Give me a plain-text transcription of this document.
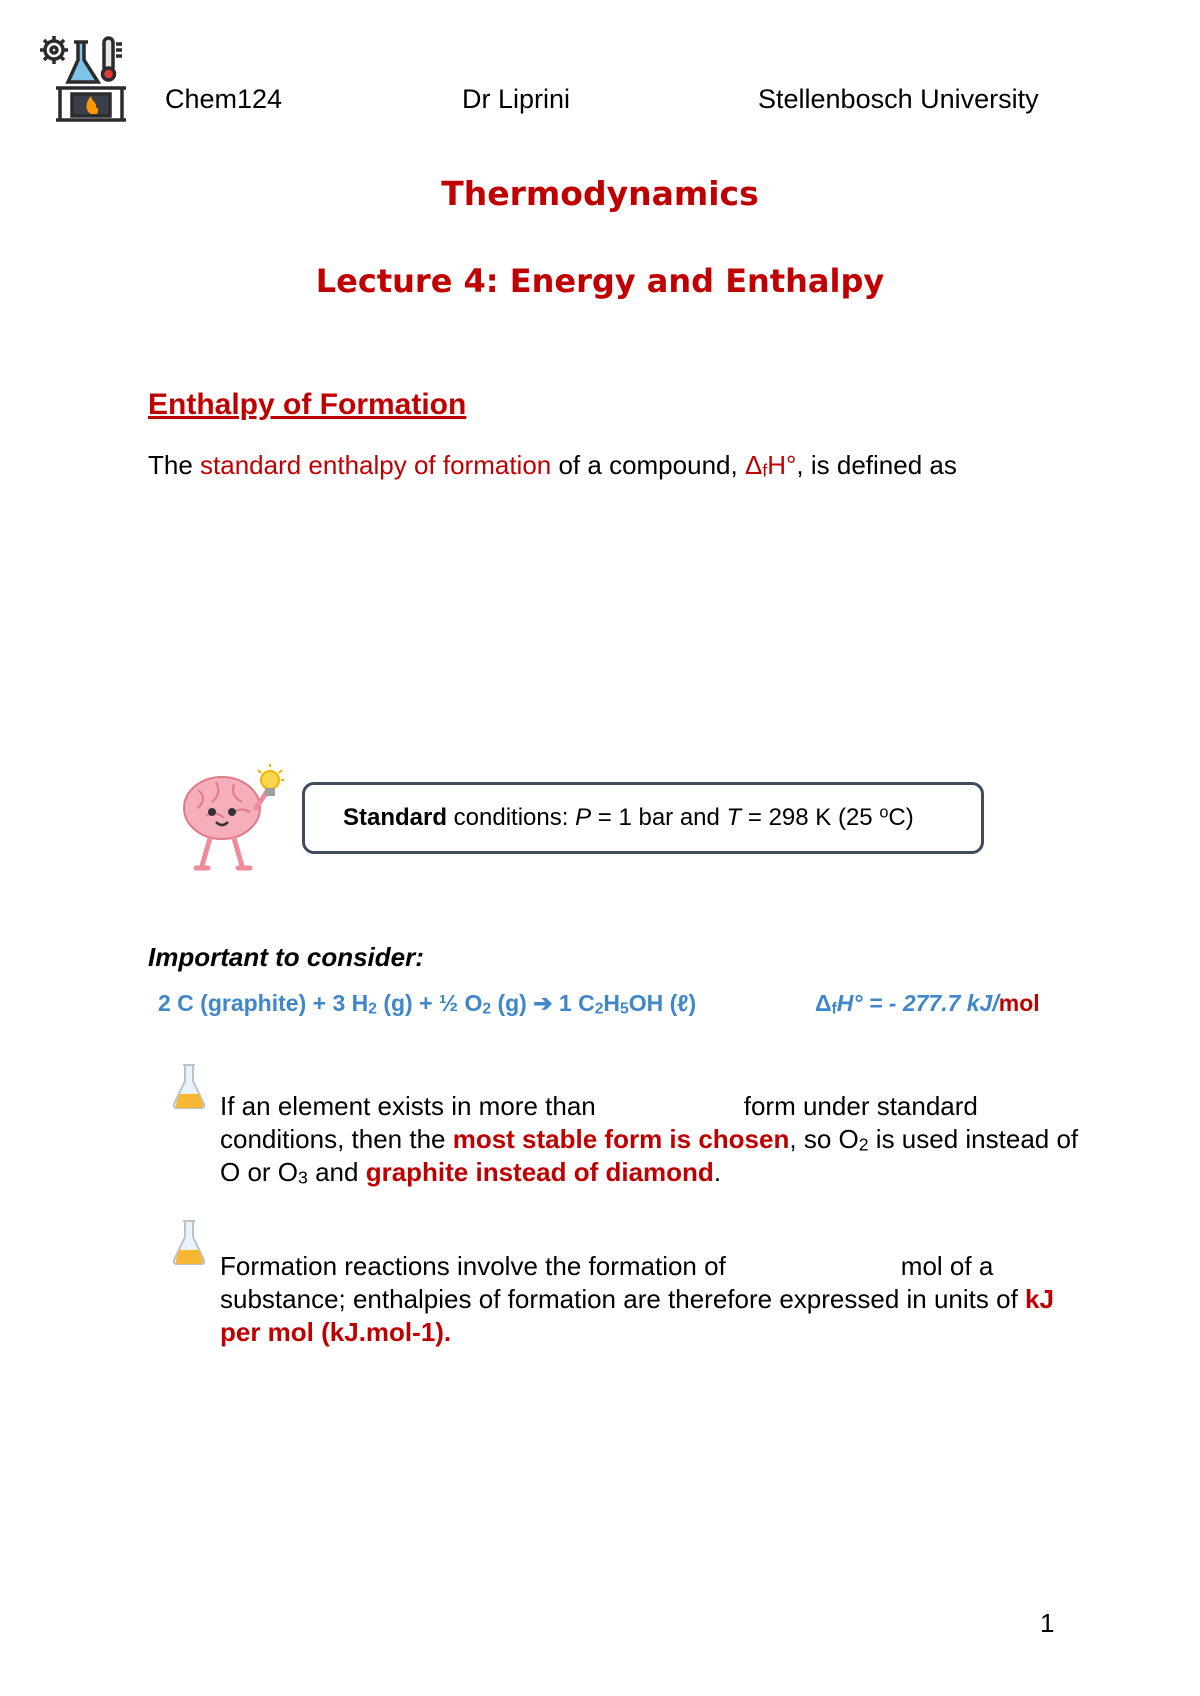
Chem124	Dr Liprini	Stellenbosch University
Thermodynamics
Lecture 4: Energy and Enthalpy
Enthalpy of Formation
The standard enthalpy of formation of a compound, $\Delta_fH^\circ$, is defined as
Standard conditions: P = 1 bar and T = 298 K (25 $^o$C)
Important to consider:
2 C (graphite) + 3 $H_2$ (g) + ½ $O_2$ (g) ➔ 1 $C_2H_5OH$ (ℓ)	$\Delta_fH^\circ$ = - 277.7 kJ/mol
If an element exists in more than	form under standard conditions, then the most stable form is chosen, so $O_2$ is used instead of O or $O_3$ and graphite instead of diamond.
Formation reactions involve the formation of	mol of a substance; enthalpies of formation are therefore expressed in units of kJ per mol (kJ.mol-1).
1
